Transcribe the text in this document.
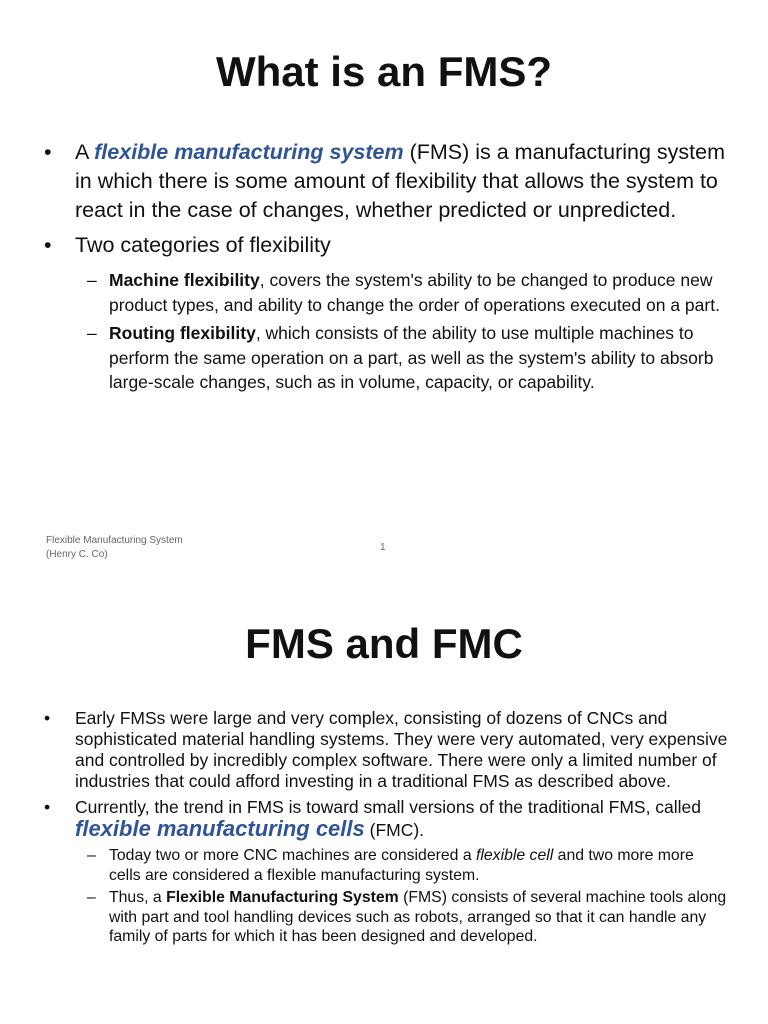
What is an FMS?
• A flexible manufacturing system (FMS) is a manufacturing system in which there is some amount of flexibility that allows the system to react in the case of changes, whether predicted or unpredicted.
• Two categories of flexibility
– Machine flexibility, covers the system's ability to be changed to produce new product types, and ability to change the order of operations executed on a part.
– Routing flexibility, which consists of the ability to use multiple machines to perform the same operation on a part, as well as the system's ability to absorb large-scale changes, such as in volume, capacity, or capability.
Flexible Manufacturing System
(Henry C. Co)
1
FMS and FMC
• Early FMSs were large and very complex, consisting of dozens of CNCs and sophisticated material handling systems. They were very automated, very expensive and controlled by incredibly complex software. There were only a limited number of industries that could afford investing in a traditional FMS as described above.
• Currently, the trend in FMS is toward small versions of the traditional FMS, called flexible manufacturing cells (FMC).
– Today two or more CNC machines are considered a flexible cell and two more more cells are considered a flexible manufacturing system.
– Thus, a Flexible Manufacturing System (FMS) consists of several machine tools along with part and tool handling devices such as robots, arranged so that it can handle any family of parts for which it has been designed and developed.
